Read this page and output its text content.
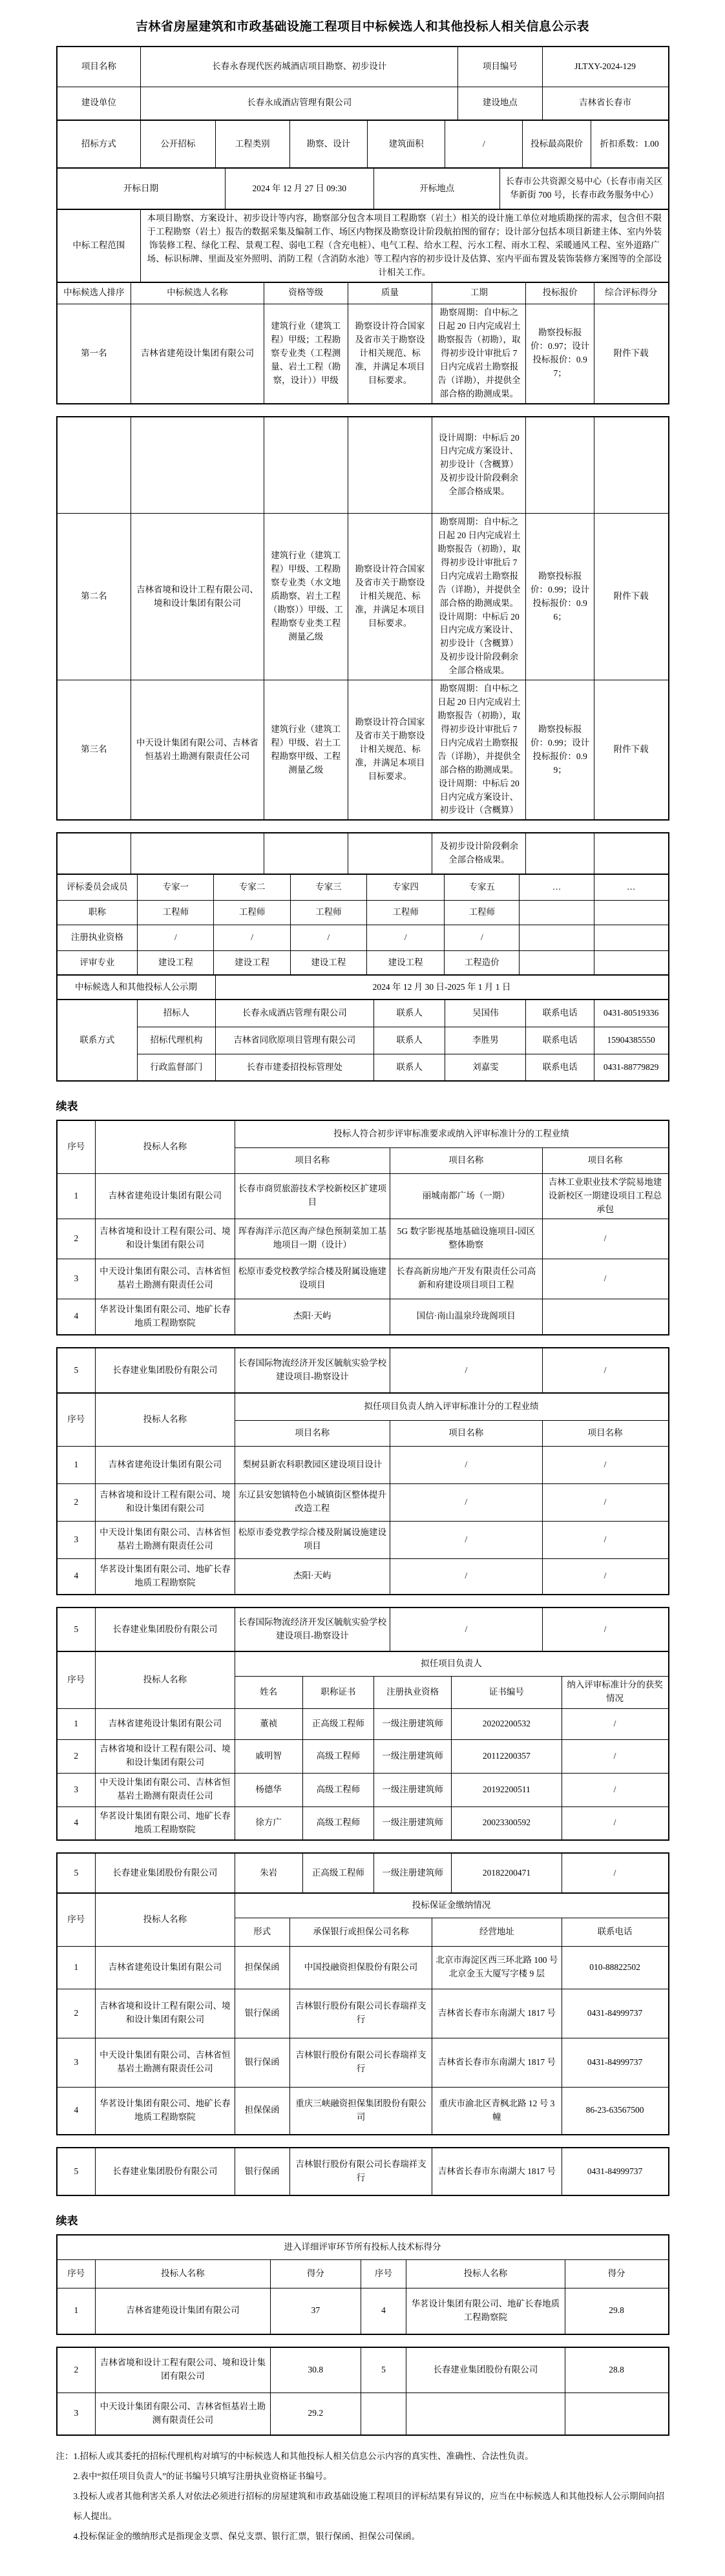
吉林省房屋建筑和市政基础设施工程项目中标候选人和其他投标人相关信息公示表
项目名称	长春永春现代医药城酒店项目勘察、初步设计	项目编号	JLTXY-2024-129
建设单位	长春永成酒店管理有限公司	建设地点	吉林省长春市
招标方式	公开招标	工程类别	勘察、设计	建筑面积	/	投标最高限价	折扣系数：1.00
开标日期	2024 年 12 月 27 日 09:30	开标地点	长春市公共资源交易中心（长春市南关区华新街 700 号，长春市政务服务中心）
中标工程范围	本项目勘察、方案设计、初步设计等内容，勘察部分包含本项目工程勘察（岩土）相关的设计施工单位对地质勘探的需求，包含但不限于工程勘察（岩土）报告的数据采集及编制工作、场区内物探及勘察设计阶段航拍图的留存；设计部分包括本项目新建主体、室内外装饰装修工程、绿化工程、景观工程、弱电工程（含充电桩）、电气工程、给水工程、污水工程、雨水工程、采暖通风工程、室外道路广场、标识标牌、里面及室外照明、消防工程（含消防水池）等工程内容的初步设计及估算、室内平面布置及装饰装修方案图等的全部设计相关工作。
中标候选人排序	中标候选人名称	资格等级	质量	工期	投标报价	综合评标得分
第一名	吉林省建苑设计集团有限公司	建筑行业（建筑工程）甲级；工程勘察专业类（工程测量、岩土工程（勘察，设计））甲级	勘察设计符合国家及省市关于勘察设计相关规范、标准，并满足本项目目标要求。	勘察周期：自中标之日起 20 日内完成岩土勘察报告（初勘），取得初步设计审批后 7 日内完成岩土勘察报告（详勘），并提供全部合格的勘测成果。	勘察投标报价：0.97；设计投标报价：0.97；	附件下载
				设计周期：中标后 20 日内完成方案设计、初步设计（含概算）及初步设计阶段剩余全部合格成果。		
第二名	吉林省境和设计工程有限公司、境和设计集团有限公司	建筑行业（建筑工程）甲级、工程勘察专业类（水文地质勘察、岩土工程（勘察））甲级、工程勘察专业类工程测量乙级	勘察设计符合国家及省市关于勘察设计相关规范、标准，并满足本项目目标要求。	勘察周期：自中标之日起 20 日内完成岩土勘察报告（初勘），取得初步设计审批后 7 日内完成岩土勘察报告（详勘），并提供全部合格的勘测成果。设计周期：中标后 20 日内完成方案设计、初步设计（含概算）及初步设计阶段剩余全部合格成果。	勘察投标报价：0.99；设计投标报价：0.96；	附件下载
第三名	中天设计集团有限公司、吉林省恒基岩土勘测有限责任公司	建筑行业（建筑工程）甲级、岩土工程勘察甲级、工程测量乙级	勘察设计符合国家及省市关于勘察设计相关规范、标准，并满足本项目目标要求。	勘察周期：自中标之日起 20 日内完成岩土勘察报告（初勘），取得初步设计审批后 7 日内完成岩土勘察报告（详勘），并提供全部合格的勘测成果。设计周期：中标后 20 日内完成方案设计、初步设计（含概算）	勘察投标报价：0.99；设计投标报价：0.99；	附件下载
				及初步设计阶段剩余全部合格成果。		
评标委员会成员	专家一	专家二	专家三	专家四	专家五	…	…
职称	工程师	工程师	工程师	工程师	工程师		
注册执业资格	/	/	/	/	/		
评审专业	建设工程	建设工程	建设工程	建设工程	工程造价		
中标候选人和其他投标人公示期	2024 年 12 月 30 日-2025 年 1 月 1 日
联系方式	招标人	长春永成酒店管理有限公司	联系人	吴国伟	联系电话	0431-80519336
	招标代理机构	吉林省同欣原项目管理有限公司	联系人	李胜男	联系电话	15904385550
	行政监督部门	长春市建委招投标管理处	联系人	刘嘉雯	联系电话	0431-88779829
续表
序号	投标人名称	投标人符合初步评审标准要求或纳入评审标准计分的工程业绩		
		项目名称	项目名称	项目名称
1	吉林省建苑设计集团有限公司	长春市商贸旅游技术学校新校区扩建项目	丽城南都广场（一期）	吉林工业职业技术学院易地建设新校区一期建设项目工程总承包
2	吉林省境和设计工程有限公司、境和设计集团有限公司	珲春海洋示范区海产绿色预制菜加工基地项目一期（设计）	5G 数字影视基地基础设施项目-园区整体勘察	/
3	中天设计集团有限公司、吉林省恒基岩土勘测有限责任公司	松原市委党校教学综合楼及附属设施建设项目	长春高新房地产开发有限责任公司高新和府建设项目项目工程	/
4	华茗设计集团有限公司、地矿长春地质工程勘察院	杰阳·天屿	国信·南山温泉玲珑阁项目	
5	长春建业集团股份有限公司	长春国际物流经济开发区毓航实验学校建设项目-勘察设计	/	/
序号	投标人名称	拟任项目负责人纳入评审标准计分的工程业绩		
		项目名称	项目名称	项目名称
1	吉林省建苑设计集团有限公司	梨树县新农科职教园区建设项目设计	/	/
2	吉林省境和设计工程有限公司、境和设计集团有限公司	东辽县安恕镇特色小城镇街区整体提升改造工程	/	/
3	中天设计集团有限公司、吉林省恒基岩土勘测有限责任公司	松原市委党教学综合楼及附属设施建设项目	/	/
4	华茗设计集团有限公司、地矿长春地质工程勘察院	杰阳·天屿	/	/
5	长春建业集团股份有限公司	长春国际物流经济开发区毓航实验学校建设项目-勘察设计	/	/
序号	投标人名称	拟任项目负责人				
		姓名	职称证书	注册执业资格	证书编号	纳入评审标准计分的获奖情况
1	吉林省建苑设计集团有限公司	董祯	正高级工程师	一级注册建筑师	20202200532	/
2	吉林省境和设计工程有限公司、境和设计集团有限公司	戚明智	高级工程师	一级注册建筑师	20112200357	/
3	中天设计集团有限公司、吉林省恒基岩土勘测有限责任公司	杨德华	高级工程师	一级注册建筑师	20192200511	/
4	华茗设计集团有限公司、地矿长春地质工程勘察院	徐方广	高级工程师	一级注册建筑师	20023300592	/
5	长春建业集团股份有限公司	朱岩	正高级工程师	一级注册建筑师	20182200471	/
序号	投标人名称	投标保证金缴纳情况			
		形式	承保银行或担保公司名称	经营地址	联系电话
1	吉林省建苑设计集团有限公司	担保保函	中国投融资担保股份有限公司	北京市海淀区西三环北路 100 号北京金玉大厦写字楼 9 层	010-88822502
2	吉林省境和设计工程有限公司、境和设计集团有限公司	银行保函	吉林银行股份有限公司长春瑞祥支行	吉林省长春市东南湖大 1817 号	0431-84999737
3	中天设计集团有限公司、吉林省恒基岩土勘测有限责任公司	银行保函	吉林银行股份有限公司长春瑞祥支行	吉林省长春市东南湖大 1817 号	0431-84999737
4	华茗设计集团有限公司、地矿长春地质工程勘察院	担保保函	重庆三峡融资担保集团股份有限公司	重庆市渝北区青枫北路 12 号 3 幢	86-23-63567500
5	长春建业集团股份有限公司	银行保函	吉林银行股份有限公司长春瑞祥支行	吉林省长春市东南湖大 1817 号	0431-84999737
续表
进入详细评审环节所有投标人技术标得分					
序号	投标人名称	得分	序号	投标人名称	得分
1	吉林省建苑设计集团有限公司	37	4	华茗设计集团有限公司、地矿长春地质工程勘察院	29.8
2	吉林省境和设计工程有限公司、境和设计集团有限公司	30.8	5	长春建业集团股份有限公司	28.8
3	中天设计集团有限公司、吉林省恒基岩土勘测有限责任公司	29.2			

注：1.招标人或其委托的招标代理机构对填写的中标候选人和其他投标人相关信息公示内容的真实性、准确性、合法性负责。

2.表中“拟任项目负责人”的证书编号只填写注册执业资格证书编号。

3.投标人或者其他利害关系人对依法必须进行招标的房屋建筑和市政基础设施工程项目的评标结果有异议的，应当在中标候选人和其他投标人公示期间向招标人提出。

4.投标保证金的缴纳形式是指现金支票、保兑支票、银行汇票，银行保函、担保公司保函。
